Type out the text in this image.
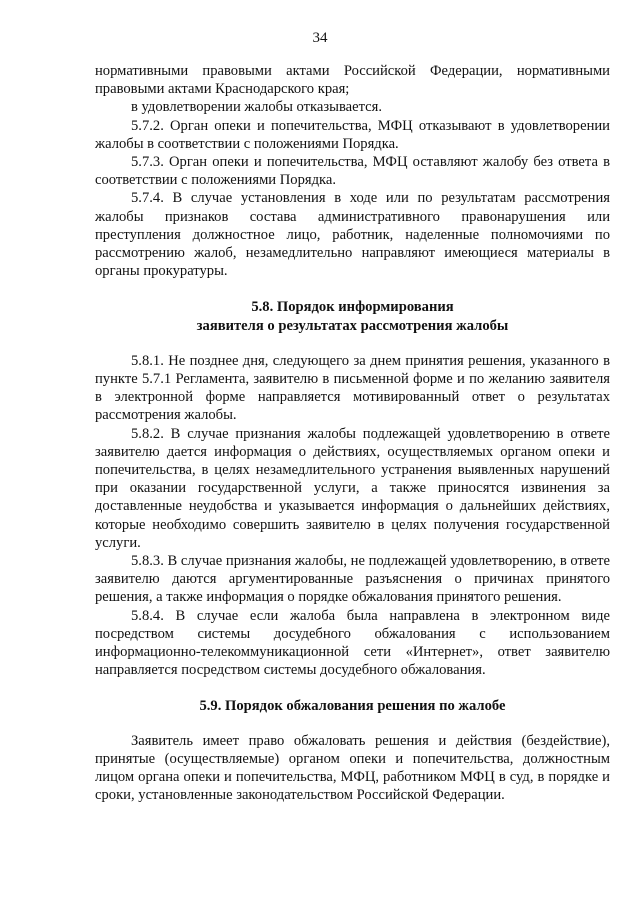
34

нормативными правовыми актами Российской Федерации, нормативными правовыми актами Краснодарского края;

в удовлетворении жалобы отказывается.

5.7.2. Орган опеки и попечительства, МФЦ отказывают в удовлетворении жалобы в соответствии с положениями Порядка.

5.7.3. Орган опеки и попечительства, МФЦ оставляют жалобу без ответа в соответствии с положениями Порядка.

5.7.4. В случае установления в ходе или по результатам рассмотрения жалобы признаков состава административного правонарушения или преступления должностное лицо, работник, наделенные полномочиями по рассмотрению жалоб, незамедлительно направляют имеющиеся материалы в органы прокуратуры.

5.8. Порядок информирования

заявителя о результатах рассмотрения жалобы

5.8.1. Не позднее дня, следующего за днем принятия решения, указанного в пункте 5.7.1 Регламента, заявителю в письменной форме и по желанию заявителя в электронной форме направляется мотивированный ответ о результатах рассмотрения жалобы.

5.8.2. В случае признания жалобы подлежащей удовлетворению в ответе заявителю дается информация о действиях, осуществляемых органом опеки и попечительства, в целях незамедлительного устранения выявленных нарушений при оказании государственной услуги, а также приносятся извинения за доставленные неудобства и указывается информация о дальнейших действиях, которые необходимо совершить заявителю в целях получения государственной услуги.

5.8.3. В случае признания жалобы, не подлежащей удовлетворению, в ответе заявителю даются аргументированные разъяснения о причинах принятого решения, а также информация о порядке обжалования принятого решения.

5.8.4. В случае если жалоба была направлена в электронном виде посредством системы досудебного обжалования с использованием информационно-телекоммуникационной сети «Интернет», ответ заявителю направляется посредством системы досудебного обжалования.

5.9. Порядок обжалования решения по жалобе

Заявитель имеет право обжаловать решения и действия (бездействие), принятые (осуществляемые) органом опеки и попечительства, должностным лицом органа опеки и попечительства, МФЦ, работником МФЦ в суд, в порядке и сроки, установленные законодательством Российской Федерации.
